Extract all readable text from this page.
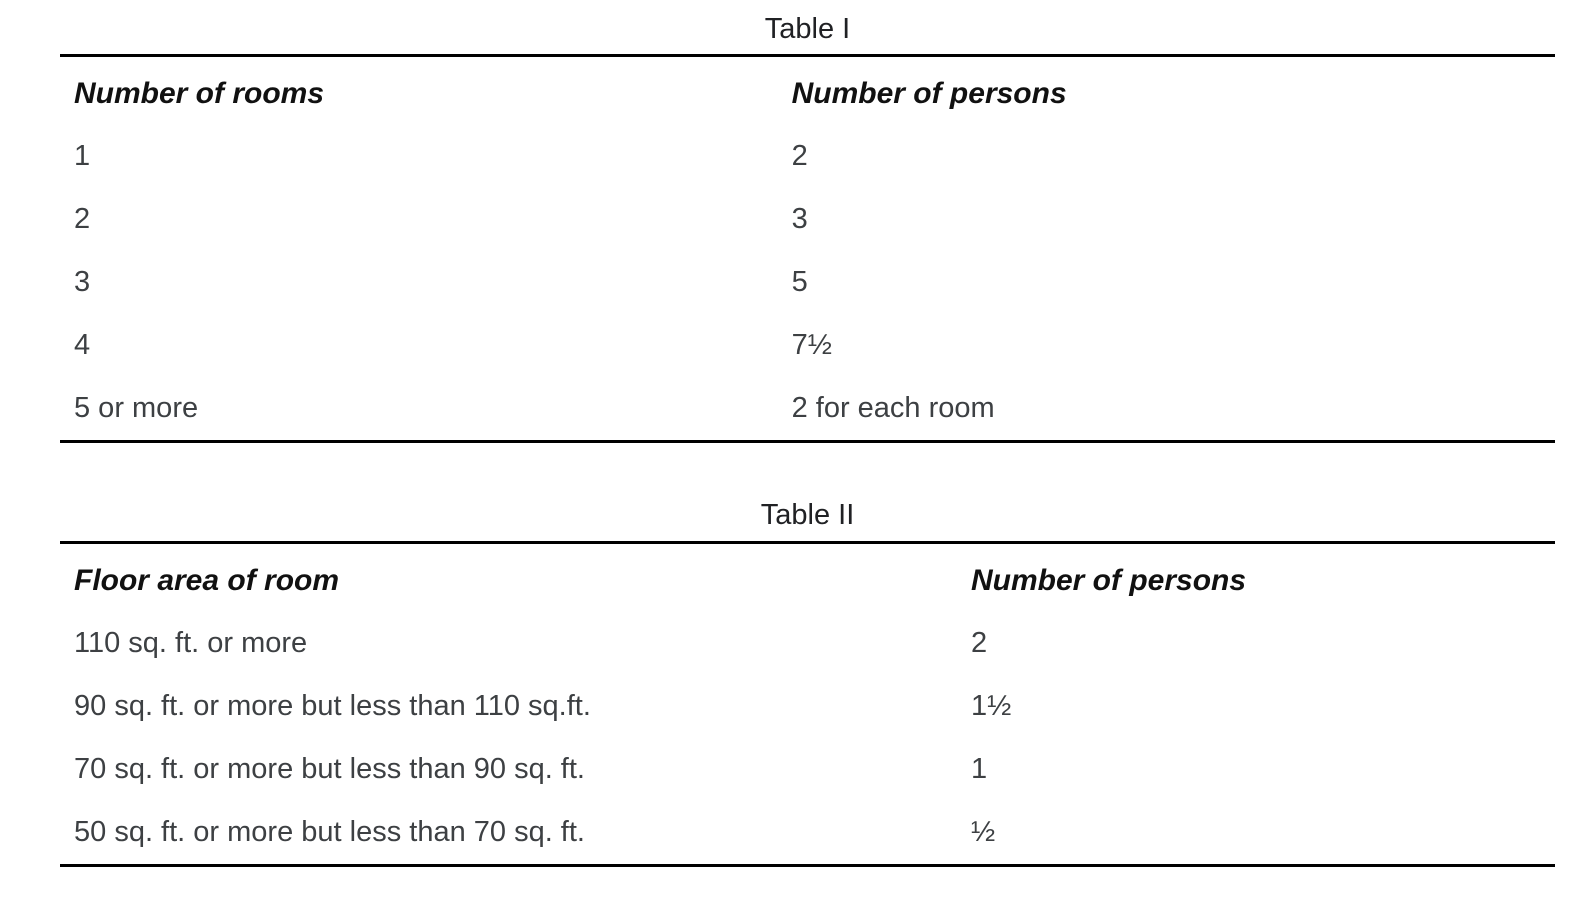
Table I
Number of rooms	Number of persons
1	2
2	3
3	5
4	7½
5 or more	2 for each room
Table II
Floor area of room	Number of persons
110 sq. ft. or more	2
90 sq. ft. or more but less than 110 sq.ft.	1½
70 sq. ft. or more but less than 90 sq. ft.	1
50 sq. ft. or more but less than 70 sq. ft.	½
